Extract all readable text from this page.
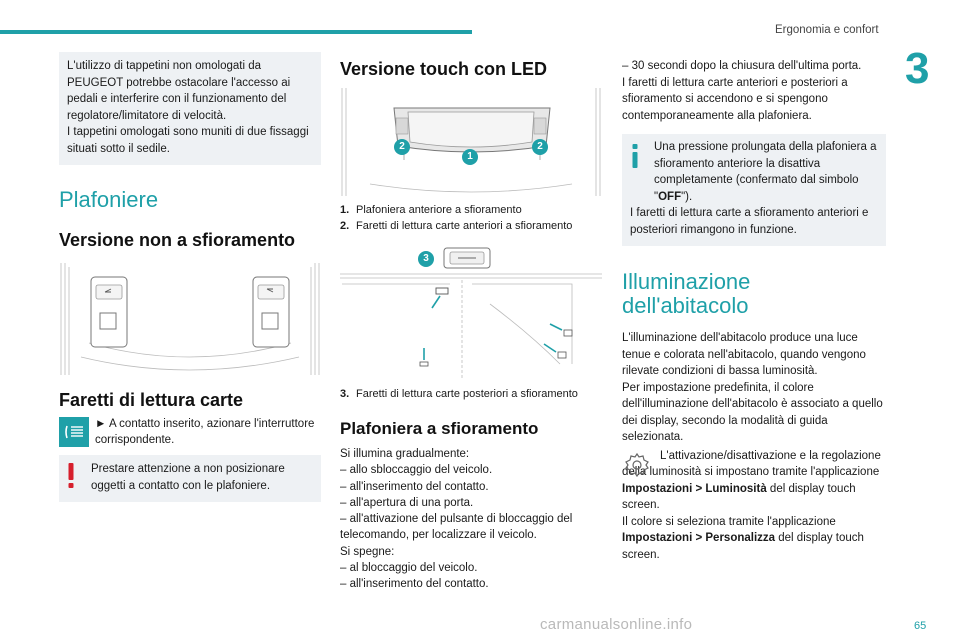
Ergonomia e confort
3

L'utilizzo di tappetini non omologati da PEUGEOT potrebbe ostacolare l'accesso ai pedali e interferire con il funzionamento del regolatore/limitatore di velocità.

I tappetini omologati sono muniti di due fissaggi situati sotto il sedile.

Plafoniere
Versione non a sfioramento
Faretti di lettura carte
► A contatto inserito, azionare l'interruttore corrispondente.

Prestare attenzione a non posizionare oggetti a contatto con le plafoniere.

Versione touch con LED
2
1
2
1. Plafoniera anteriore a sfioramento
2. Faretti di lettura carte anteriori a sfioramento
3
3. Faretti di lettura carte posteriori a sfioramento
Plafoniera a sfioramento

Si illumina gradualmente:

– allo sbloccaggio del veicolo.

– all'inserimento del contatto.

– all'apertura di una porta.

– all'attivazione del pulsante di bloccaggio del telecomando, per localizzare il veicolo.

Si spegne:

– al bloccaggio del veicolo.

– all'inserimento del contatto.

– 30 secondi dopo la chiusura dell'ultima porta.

I faretti di lettura carte anteriori e posteriori a sfioramento si accendono e si spengono contemporaneamente alla plafoniera.

Una pressione prolungata della plafoniera a sfioramento anteriore la disattiva completamente (confermato dal simbolo "OFF").

I faretti di lettura carte a sfioramento anteriori e posteriori rimangono in funzione.

Illuminazione
dell'abitacolo

L'illuminazione dell'abitacolo produce una luce tenue e colorata nell'abitacolo, quando vengono rilevate condizioni di bassa luminosità.

Per impostazione predefinita, il colore dell'illuminazione dell'abitacolo è associato a quello dei display, secondo la modalità di guida selezionata.

L'attivazione/disattivazione e la regolazione della luminosità si impostano tramite l'applicazione

Impostazioni > Luminosità del display touch screen.

Il colore si seleziona tramite l'applicazione

Impostazioni > Personalizza del display touch screen.

carmanualsonline.info	65
